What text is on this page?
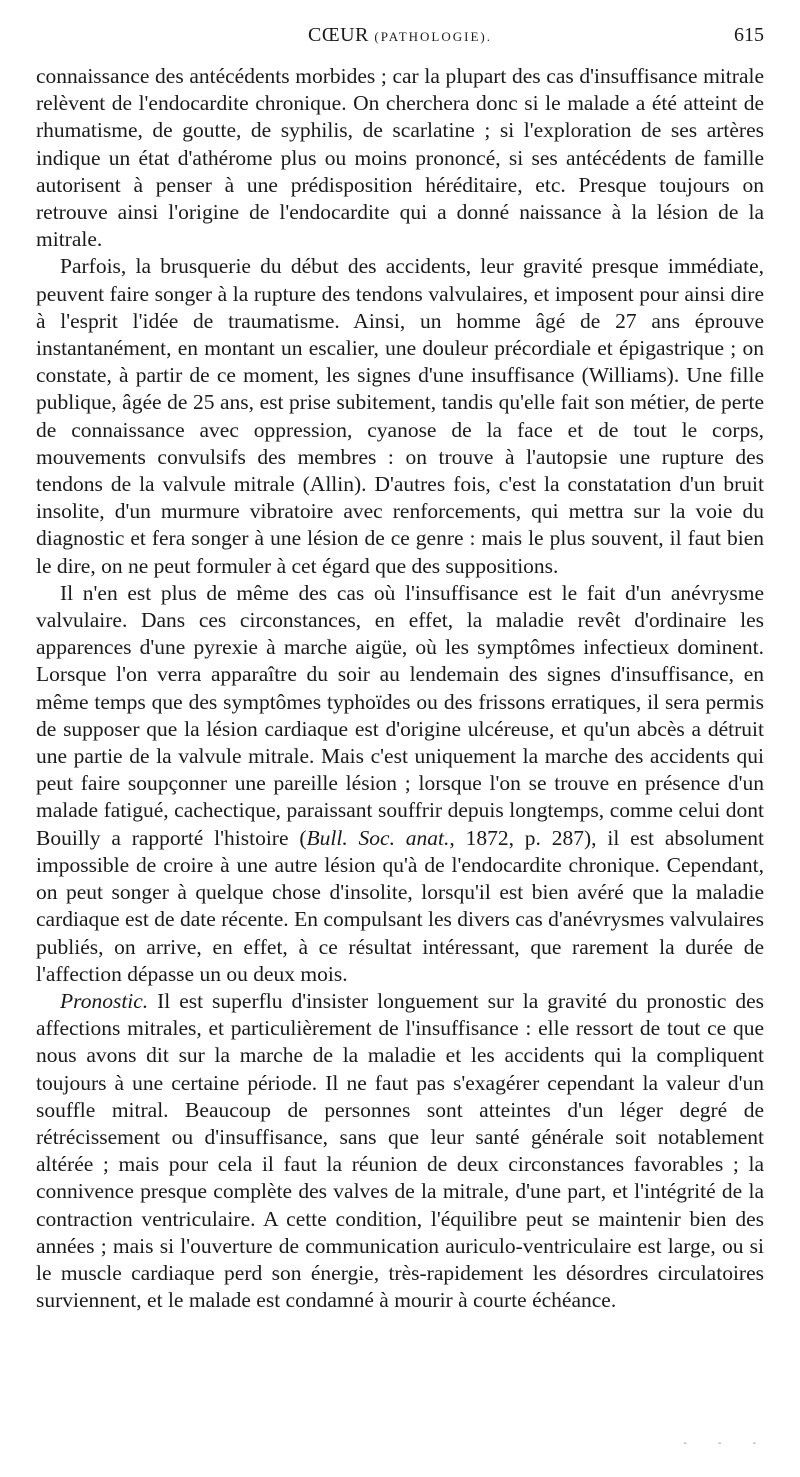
CŒUR (PATHOLOGIE).	615

connaissance des antécédents morbides ; car la plupart des cas d'insuffisance mitrale relèvent de l'endocardite chronique. On cherchera donc si le malade a été atteint de rhumatisme, de goutte, de syphilis, de scarlatine ; si l'exploration de ses artères indique un état d'athérome plus ou moins prononcé, si ses antécédents de famille autorisent à penser à une prédisposition héréditaire, etc. Presque toujours on retrouve ainsi l'origine de l'endocardite qui a donné naissance à la lésion de la mitrale.

Parfois, la brusquerie du début des accidents, leur gravité presque immédiate, peuvent faire songer à la rupture des tendons valvulaires, et imposent pour ainsi dire à l'esprit l'idée de traumatisme. Ainsi, un homme âgé de 27 ans éprouve instantanément, en montant un escalier, une douleur précordiale et épigastrique ; on constate, à partir de ce moment, les signes d'une insuffisance (Williams). Une fille publique, âgée de 25 ans, est prise subitement, tandis qu'elle fait son métier, de perte de connaissance avec oppression, cyanose de la face et de tout le corps, mouvements convulsifs des membres : on trouve à l'autopsie une rupture des tendons de la valvule mitrale (Allin). D'autres fois, c'est la constatation d'un bruit insolite, d'un murmure vibratoire avec renforcements, qui mettra sur la voie du diagnostic et fera songer à une lésion de ce genre : mais le plus souvent, il faut bien le dire, on ne peut formuler à cet égard que des suppositions.

Il n'en est plus de même des cas où l'insuffisance est le fait d'un anévrysme valvulaire. Dans ces circonstances, en effet, la maladie revêt d'ordinaire les apparences d'une pyrexie à marche aigüe, où les symptômes infectieux dominent. Lorsque l'on verra apparaître du soir au lendemain des signes d'insuffisance, en même temps que des symptômes typhoïdes ou des frissons erratiques, il sera permis de supposer que la lésion cardiaque est d'origine ulcéreuse, et qu'un abcès a détruit une partie de la valvule mitrale. Mais c'est uniquement la marche des accidents qui peut faire soupçonner une pareille lésion ; lorsque l'on se trouve en présence d'un malade fatigué, cachectique, paraissant souffrir depuis longtemps, comme celui dont Bouilly a rapporté l'histoire (Bull. Soc. anat., 1872, p. 287), il est absolument impossible de croire à une autre lésion qu'à de l'endocardite chronique. Cependant, on peut songer à quelque chose d'insolite, lorsqu'il est bien avéré que la maladie cardiaque est de date récente. En compulsant les divers cas d'anévrysmes valvulaires publiés, on arrive, en effet, à ce résultat intéressant, que rarement la durée de l'affection dépasse un ou deux mois.

Pronostic. Il est superflu d'insister longuement sur la gravité du pronostic des affections mitrales, et particulièrement de l'insuffisance : elle ressort de tout ce que nous avons dit sur la marche de la maladie et les accidents qui la compliquent toujours à une certaine période. Il ne faut pas s'exagérer cependant la valeur d'un souffle mitral. Beaucoup de personnes sont atteintes d'un léger degré de rétrécissement ou d'insuffisance, sans que leur santé générale soit notablement altérée ; mais pour cela il faut la réunion de deux circonstances favorables ; la connivence presque complète des valves de la mitrale, d'une part, et l'intégrité de la contraction ventriculaire. A cette condition, l'équilibre peut se maintenir bien des années ; mais si l'ouverture de communication auriculo-ventriculaire est large, ou si le muscle cardiaque perd son énergie, très-rapidement les désordres circulatoires surviennent, et le malade est condamné à mourir à courte échéance.

- - -
